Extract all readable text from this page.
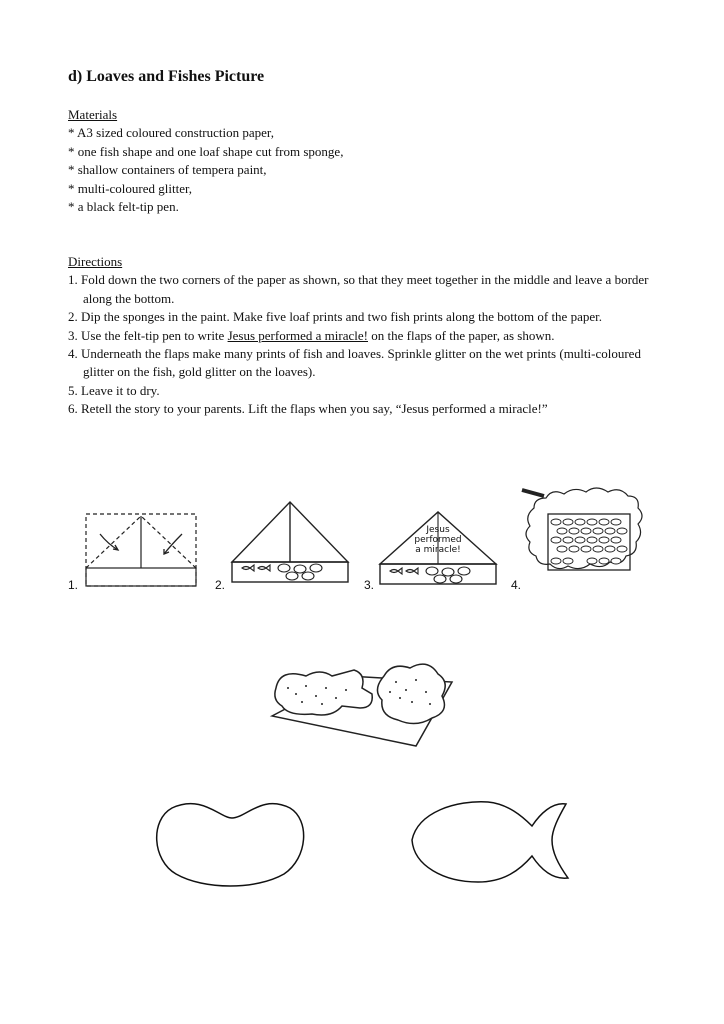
d) Loaves and Fishes Picture
Materials
* A3 sized coloured construction paper,
* one fish shape and one loaf shape cut from sponge,
* shallow containers of tempera paint,
* multi-coloured glitter,
* a black felt-tip pen.
Directions
1. Fold down the two corners of the paper as shown, so that they meet together in the middle and leave a border along the bottom.
2. Dip the sponges in the paint. Make five loaf prints and two fish prints along the bottom of the paper.
3. Use the felt-tip pen to write Jesus performed a miracle! on the flaps of the paper, as shown.
4. Underneath the flaps make many prints of fish and loaves. Sprinkle glitter on the wet prints (multi-coloured glitter on the fish, gold glitter on the loaves).
5. Leave it to dry.
6. Retell the story to your parents. Lift the flaps when you say, “Jesus performed a miracle!”
1.	2.	3.
Jesus
performed
a miracle!
4.
